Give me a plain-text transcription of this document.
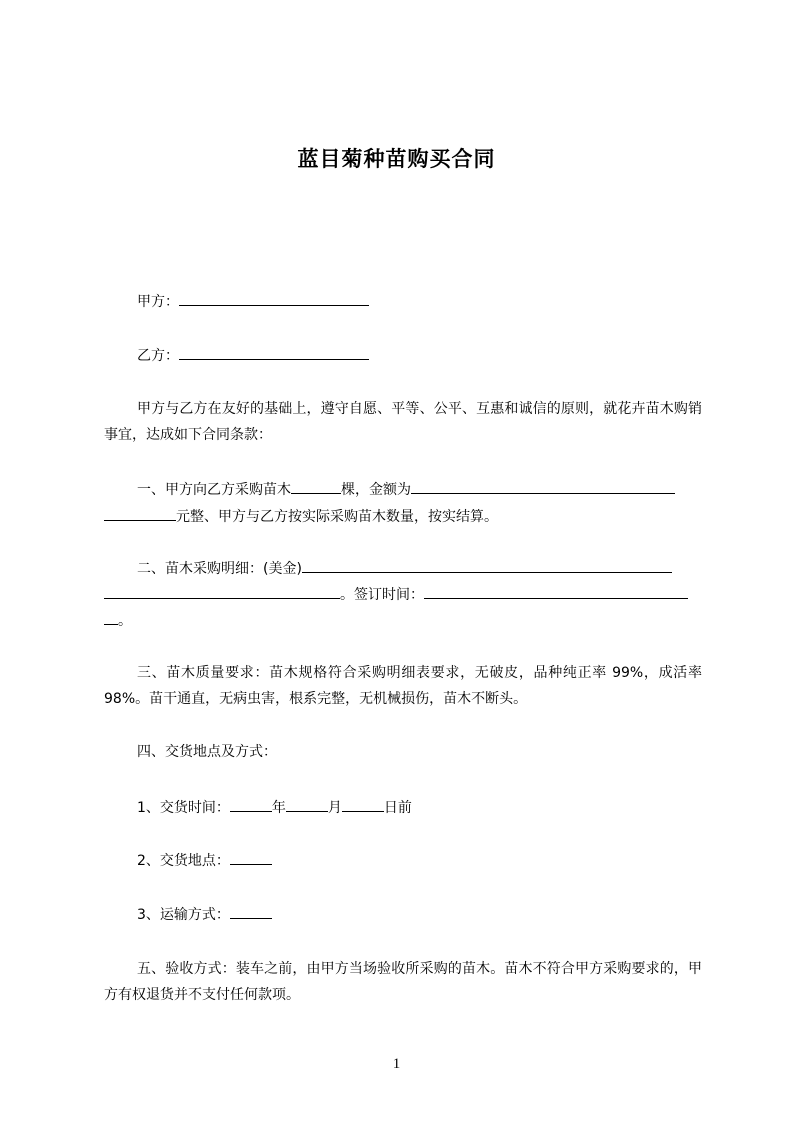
蓝目菊种苗购买合同
甲方：
乙方：
甲方与乙方在友好的基础上，遵守自愿、平等、公平、互惠和诚信的原则，就花卉苗木购销事宜，达成如下合同条款：
一、甲方向乙方采购苗木	棵，金额为
元整、甲方与乙方按实际采购苗木数量，按实结算。
二、苗木采购明细：(美金)
。签订时间：
。
三、苗木质量要求：苗木规格符合采购明细表要求，无破皮，品种纯正率 99%，成活率 98%。苗干通直，无病虫害，根系完整，无机械损伤，苗木不断头。
四、交货地点及方式：
1、交货时间：	年	月	日前
2、交货地点：
3、运输方式：
五、验收方式：装车之前，由甲方当场验收所采购的苗木。苗木不符合甲方采购要求的，甲方有权退货并不支付任何款项。
1
